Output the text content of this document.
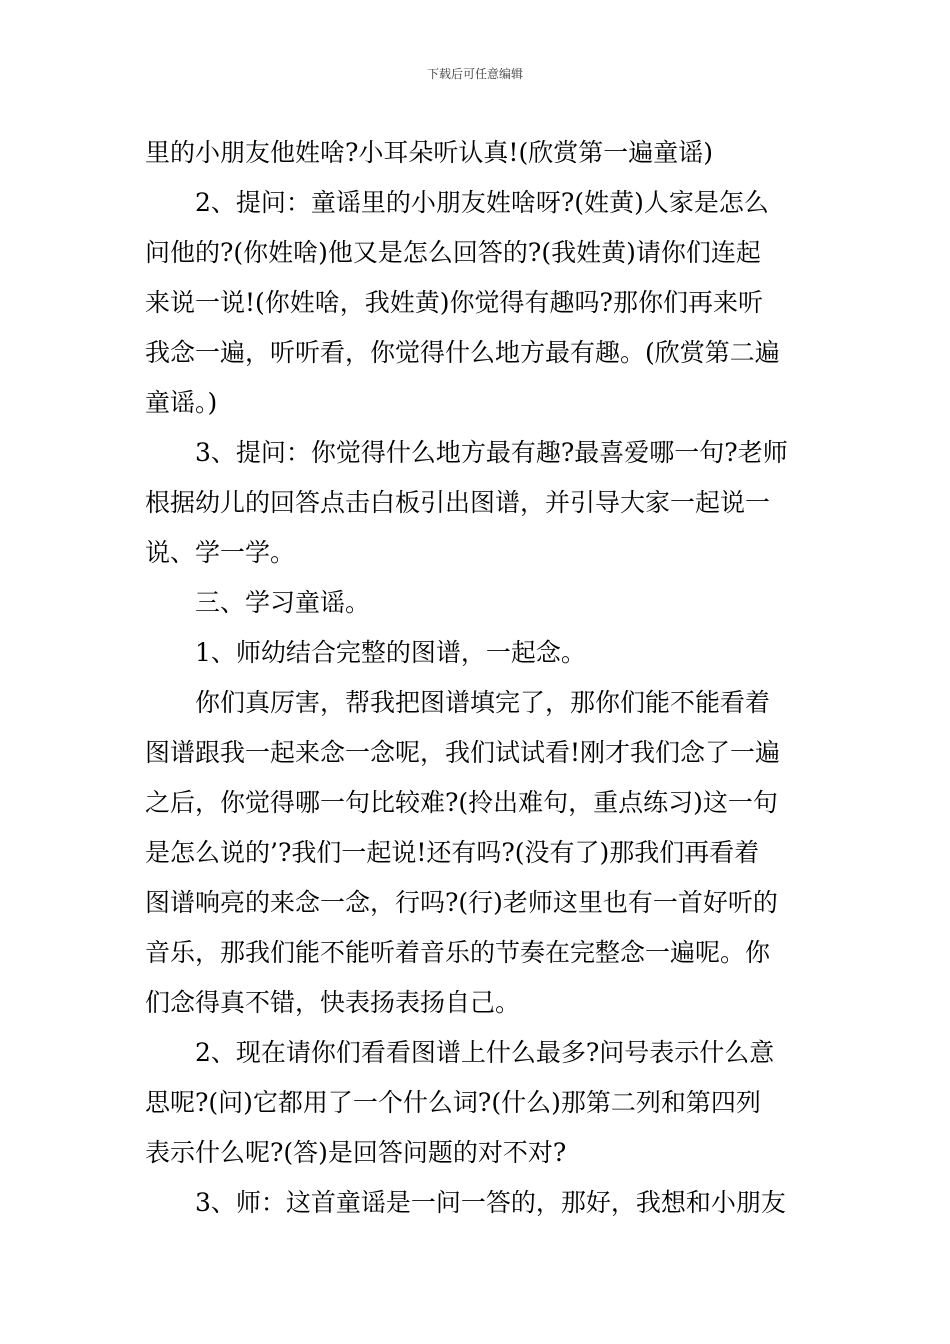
下载后可任意编辑

里的小朋友他姓啥?小耳朵听认真!(欣赏第一遍童谣)

2、提问：童谣里的小朋友姓啥呀?(姓黄)人家是怎么

问他的?(你姓啥)他又是怎么回答的?(我姓黄)请你们连起

来说一说!(你姓啥，我姓黄)你觉得有趣吗?那你们再来听

我念一遍，听听看，你觉得什么地方最有趣。(欣赏第二遍

童谣。)

3、提问：你觉得什么地方最有趣?最喜爱哪一句?老师

根据幼儿的回答点击白板引出图谱，并引导大家一起说一

说、学一学。

三、学习童谣。

1、师幼结合完整的图谱，一起念。

你们真厉害，帮我把图谱填完了，那你们能不能看着

图谱跟我一起来念一念呢，我们试试看!刚才我们念了一遍

之后，你觉得哪一句比较难?(拎出难句，重点练习)这一句

是怎么说的’?我们一起说!还有吗?(没有了)那我们再看着

图谱响亮的来念一念，行吗?(行)老师这里也有一首好听的

音乐，那我们能不能听着音乐的节奏在完整念一遍呢。你

们念得真不错，快表扬表扬自己。

2、现在请你们看看图谱上什么最多?问号表示什么意

思呢?(问)它都用了一个什么词?(什么)那第二列和第四列

表示什么呢?(答)是回答问题的对不对?

3、师：这首童谣是一问一答的，那好，我想和小朋友
